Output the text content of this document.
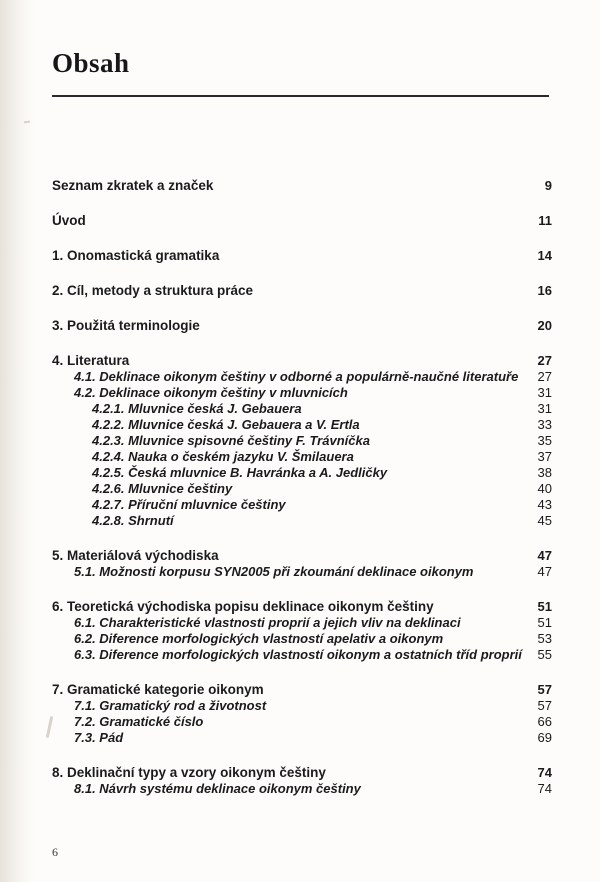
Obsah
Seznam zkratek a značek	9
Úvod	11
1. Onomastická gramatika	14
2. Cíl, metody a struktura práce	16
3. Použitá terminologie	20
4. Literatura	27
4.1. Deklinace oikonym češtiny v odborné a populárně-naučné literatuře 27
4.2. Deklinace oikonym češtiny v mluvnicích	31
4.2.1. Mluvnice česká J. Gebauera	31
4.2.2. Mluvnice česká J. Gebauera a V. Ertla	33
4.2.3. Mluvnice spisovné češtiny F. Trávníčka	35
4.2.4. Nauka o českém jazyku V. Šmilauera	37
4.2.5. Česká mluvnice B. Havránka a A. Jedličky	38
4.2.6. Mluvnice češtiny	40
4.2.7. Příruční mluvnice češtiny	43
4.2.8. Shrnutí	45
5. Materiálová východiska	47
5.1. Možnosti korpusu SYN2005 při zkoumání deklinace oikonym	47
6. Teoretická východiska popisu deklinace oikonym češtiny	51
6.1. Charakteristické vlastnosti proprií a jejich vliv na deklinaci	51
6.2. Diference morfologických vlastností apelativ a oikonym	53
6.3. Diference morfologických vlastností oikonym a ostatních tříd proprií 55
7. Gramatické kategorie oikonym	57
7.1. Gramatický rod a životnost	57
7.2. Gramatické číslo	66
7.3. Pád	69
8. Deklinační typy a vzory oikonym češtiny	74
8.1. Návrh systému deklinace oikonym češtiny	74
6
